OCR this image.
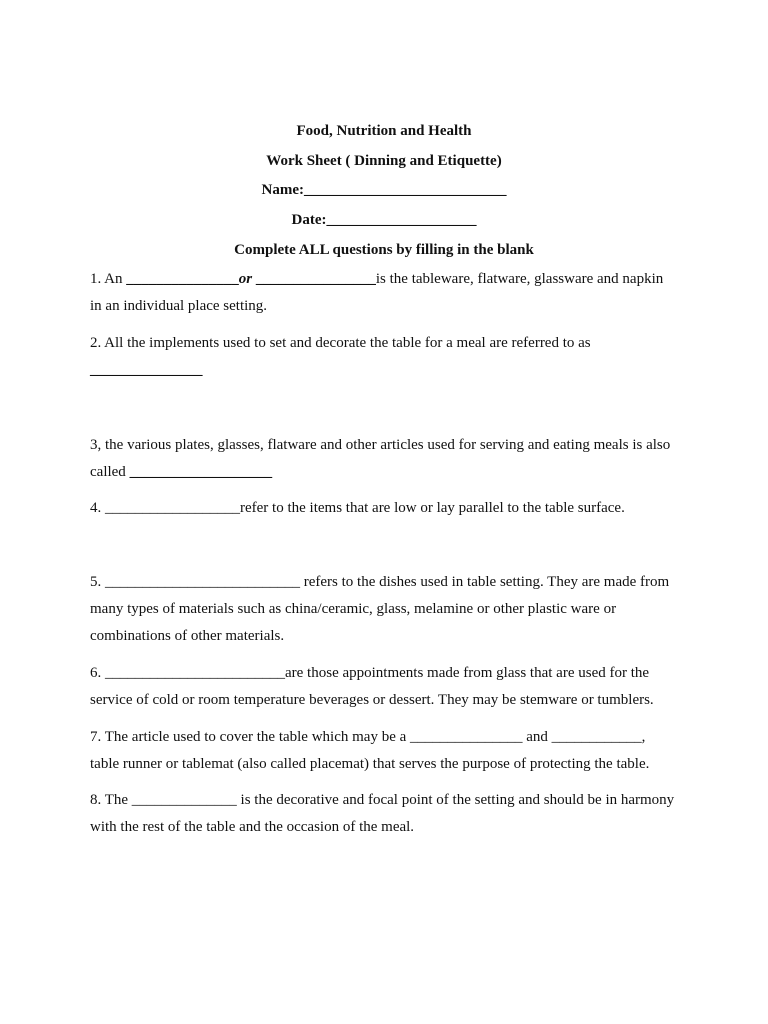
Food, Nutrition and Health
Work Sheet ( Dinning and Etiquette)
Name:___________________________
Date:____________________
Complete ALL questions by filling in the blank
1. An _______________or ________________is the tableware, flatware, glassware and napkin
in an individual place setting.
2. All the implements used to set and decorate the table for a meal are referred to as
_______________
3, the various plates, glasses, flatware and other articles used for serving and eating meals is also
called ___________________
4. __________________refer to the items that are low or lay parallel to the table surface.
5. __________________________ refers to the dishes used in table setting. They are made from
many types of materials such as china/ceramic, glass, melamine or other plastic ware or
combinations of other materials.
6. ________________________are those appointments made from glass that are used for the
service of cold or room temperature beverages or dessert. They may be stemware or tumblers.
7. The article used to cover the table which may be a _______________ and ____________,
table runner or tablemat (also called placemat) that serves the purpose of protecting the table.
8. The ______________ is the decorative and focal point of the setting and should be in harmony
with the rest of the table and the occasion of the meal.
